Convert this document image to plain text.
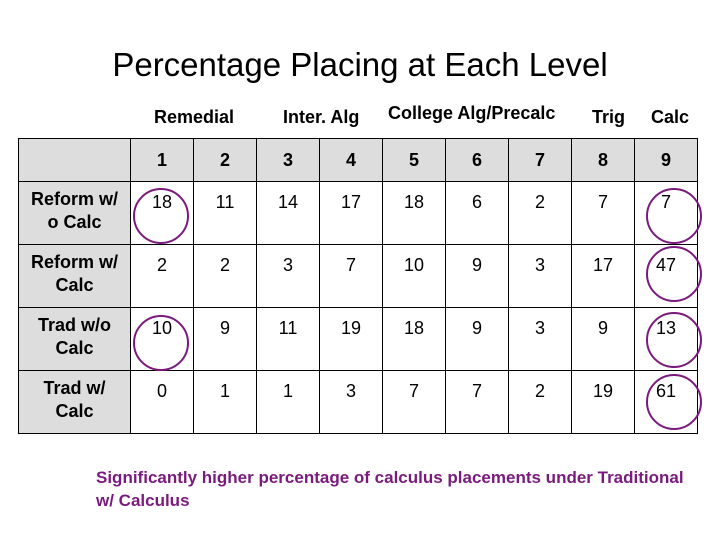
Percentage Placing at Each Level
Remedial	Inter. Alg College Alg/Precalc Trig Calc
	1	2	3	4	5	6	7	8	9
Reform w/
o Calc	18	11	14	17	18	6	2	7	7
Reform w/
Calc	2	2	3	7	10	9	3	17	47
Trad w/o
Calc	10	9	11	19	18	9	3	9	13
Trad w/
Calc	0	1	1	3	7	7	2	19	61
Significantly higher percentage of calculus placements under Traditional w/ Calculus
